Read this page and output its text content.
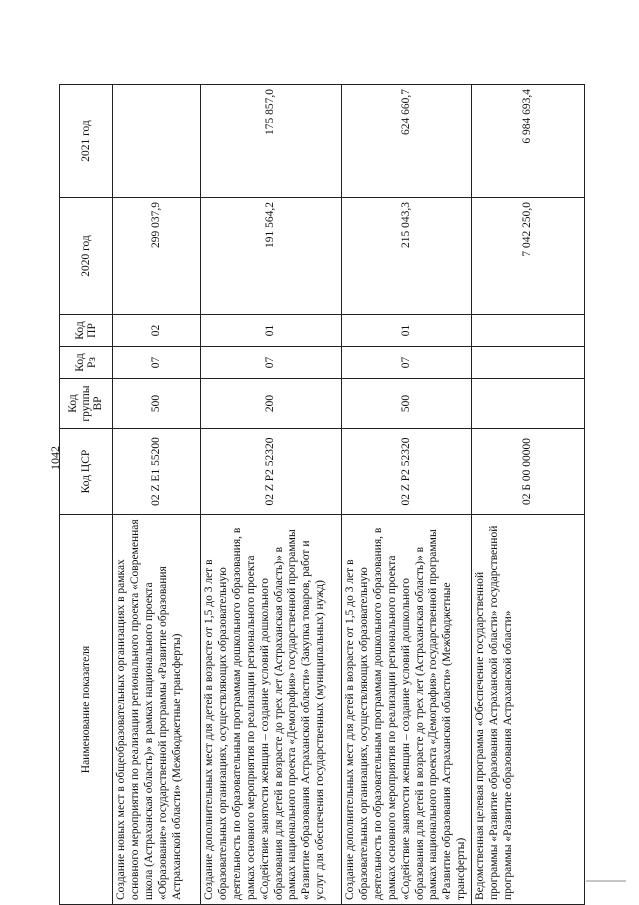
1042
Наименование показателя	Код ЦСР	Код группы ВР	Код Рз	Код ПР	2020 год	2021 год
Создание новых мест в общеобразовательных организациях в рамках основного мероприятия по реализации регионального проекта «Современная школа (Астраханская область)» в рамках национального проекта «Образование» государственной программы «Развитие образования Астраханской области» (Межбюджетные трансферты)	02 Z E1 55200	500	07	02	299 037,9	
Создание дополнительных мест для детей в возрасте от 1,5 до 3 лет в образовательных организациях, осуществляющих образовательную деятельность по образовательным программам дошкольного образования, в рамках основного мероприятия по реализации регионального проекта «Содействие занятости женщин – создание условий дошкольного образования для детей в возрасте до трех лет (Астраханская область)» в рамках национального проекта «Демография» государственной программы «Развитие образования Астраханской области» (Закупка товаров, работ и услуг для обеспечения государственных (муниципальных) нужд)	02 Z P2 52320	200	07	01	191 564,2	175 857,0
Создание дополнительных мест для детей в возрасте от 1,5 до 3 лет в образовательных организациях, осуществляющих образовательную деятельность по образовательным программам дошкольного образования, в рамках основного мероприятия по реализации регионального проекта «Содействие занятости женщин – создание условий дошкольного образования для детей в возрасте до трех лет (Астраханская область)» в рамках национального проекта «Демография» государственной программы «Развитие образования Астраханской области» (Межбюджетные трансферты)	02 Z P2 52320	500	07	01	215 043,3	624 660,7
Ведомственная целевая программа «Обеспечение государственной программы «Развитие образования Астраханской области» государственной программы «Развитие образования Астраханской области»	02 Б 00 00000				7 042 250,0	6 984 693,4
